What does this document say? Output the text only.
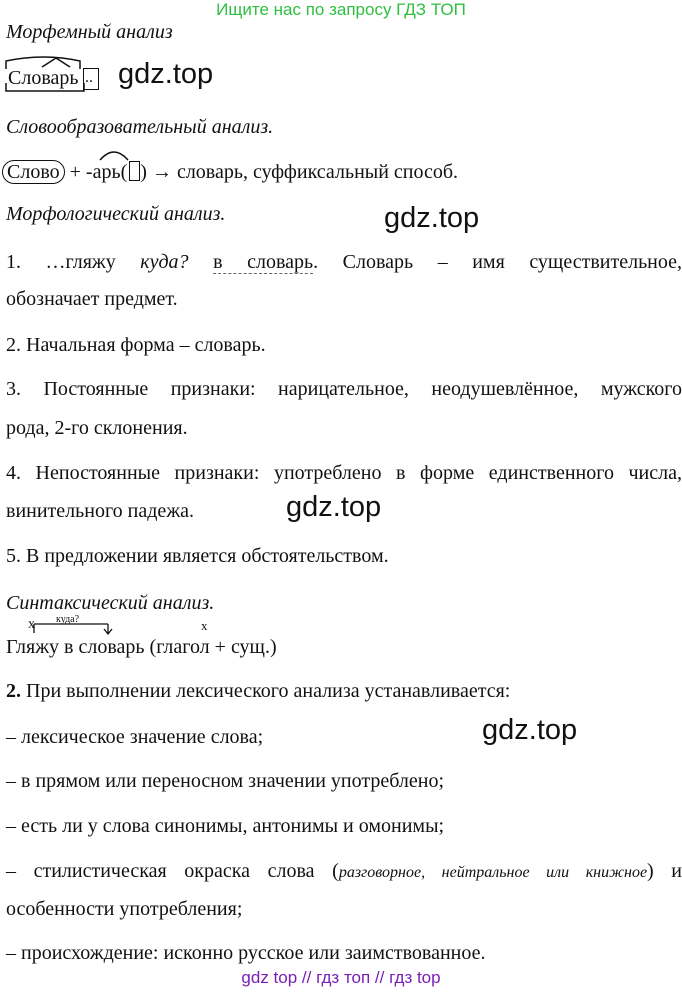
Ищите нас по запросу ГДЗ ТОП
Морфемный анализ
Словарь .. gdz.top
Словообразовательный анализ.
Слово + -арь( ) → словарь, суффиксальный способ.
Морфологический анализ.	gdz.top
1. …гляжу куда? в словарь. Словарь – имя существительное,
обозначает предмет.
2. Начальная форма – словарь.
3. Постоянные признаки: нарицательное, неодушевлённое, мужского
рода, 2-го склонения.
4. Непостоянные признаки: употреблено в форме единственного числа,
винительного падежа.	gdz.top
5. В предложении является обстоятельством.
Синтаксический анализ.
куда?
x	x
Гляжу в словарь (глагол + сущ.)
2. При выполнении лексического анализа устанавливается:
– лексическое значение слова;	gdz.top
– в прямом или переносном значении употреблено;
– есть ли у слова синонимы, антонимы и омонимы;
– стилистическая окраска слова (разговорное, нейтральное или книжное) и
особенности употребления;
– происхождение: исконно русское или заимствованное.
gdz top // гдз топ // гдз top
